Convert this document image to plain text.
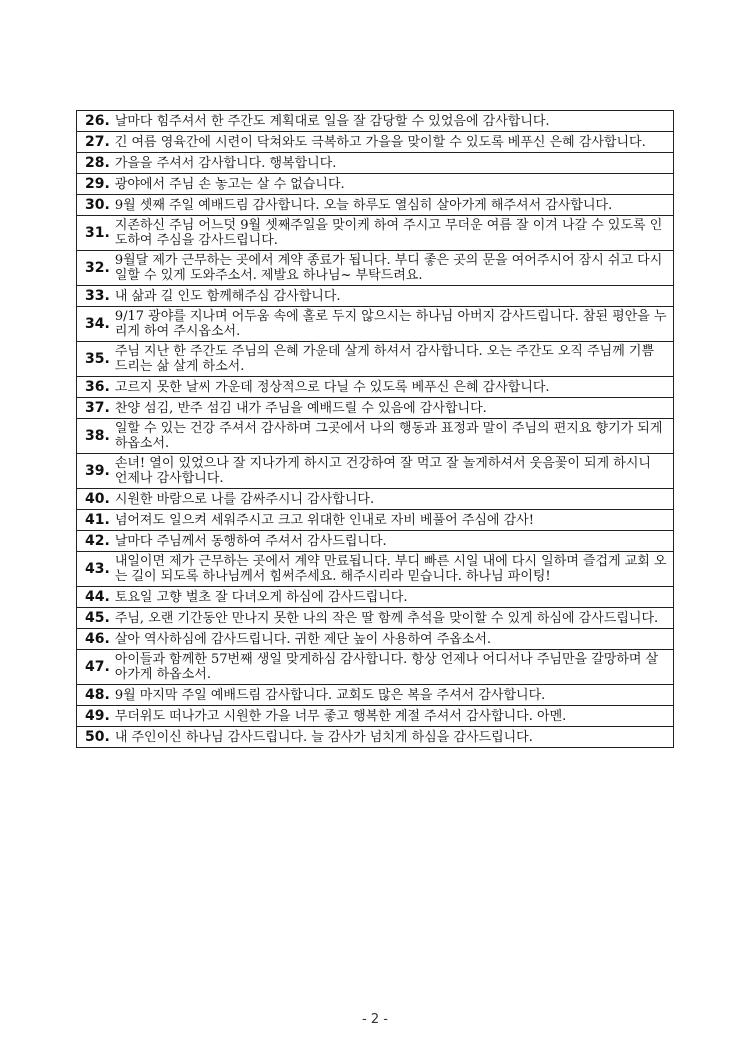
26. 날마다 힘주셔서 한 주간도 계획대로 일을 잘 감당할 수 있었음에 감사합니다.

27. 긴 여름 영육간에 시련이 닥쳐와도 극복하고 가을을 맞이할 수 있도록 베푸신 은혜 감사합니다.

28. 가을을 주셔서 감사합니다. 행복합니다.

29. 광야에서 주님 손 놓고는 살 수 없습니다.

30. 9월 셋째 주일 예배드림 감사합니다. 오늘 하루도 열심히 살아가게 해주셔서 감사합니다.

31. 지존하신 주님 어느덧 9월 셋째주일을 맞이케 하여 주시고 무더운 여름 잘 이겨 나갈 수 있도록 인도하여 주심을 감사드립니다.

32. 9월달 제가 근무하는 곳에서 계약 종료가 됩니다. 부디 좋은 곳의 문을 여어주시어 잠시 쉬고 다시 일할 수 있게 도와주소서. 제발요 하나님~ 부탁드려요.

33. 내 삶과 길 인도 함께해주심 감사합니다.

34. 9/17 광야를 지나며 어두움 속에 홀로 두지 않으시는 하나님 아버지 감사드립니다. 참된 평안을 누리게 하여 주시옵소서.

35. 주님 지난 한 주간도 주님의 은혜 가운데 살게 하셔서 감사합니다. 오는 주간도 오직 주님께 기쁨 드리는 삶 살게 하소서.

36. 고르지 못한 날씨 가운데 정상적으로 다닐 수 있도록 베푸신 은혜 감사합니다.

37. 찬양 섬김, 반주 섬김 내가 주님을 예배드릴 수 있음에 감사합니다.

38. 일할 수 있는 건강 주셔서 감사하며 그곳에서 나의 행동과 표정과 말이 주님의 편지요 향기가 되게 하옵소서.

39. 손녀! 열이 있었으나 잘 지나가게 하시고 건강하여 잘 먹고 잘 놀게하셔서 웃음꽃이 되게 하시니 언제나 감사합니다.

40. 시원한 바람으로 나를 감싸주시니 감사합니다.

41. 넘어져도 일으켜 세워주시고 크고 위대한 인내로 자비 베풀어 주심에 감사!

42. 날마다 주님께서 동행하여 주셔서 감사드립니다.

43. 내일이면 제가 근무하는 곳에서 계약 만료됩니다. 부디 빠른 시일 내에 다시 일하며 즐겁게 교회 오는 길이 되도록 하나님께서 힘써주세요. 해주시리라 믿습니다. 하나님 파이팅!

44. 토요일 고향 벌초 잘 다녀오게 하심에 감사드립니다.

45. 주님, 오랜 기간동안 만나지 못한 나의 작은 딸 함께 추석을 맞이할 수 있게 하심에 감사드립니다.

46. 살아 역사하심에 감사드립니다. 귀한 제단 높이 사용하여 주옵소서.

47. 아이들과 함께한 57번째 생일 맞게하심 감사합니다. 항상 언제나 어디서나 주님만을 갈망하며 살아가게 하옵소서.

48. 9월 마지막 주일 예배드림 감사합니다. 교회도 많은 복을 주셔서 감사합니다.

49. 무더위도 떠나가고 시원한 가을 너무 좋고 행복한 계절 주셔서 감사합니다. 아멘.

50. 내 주인이신 하나님 감사드립니다. 늘 감사가 넘치게 하심을 감사드립니다.
- 2 -
